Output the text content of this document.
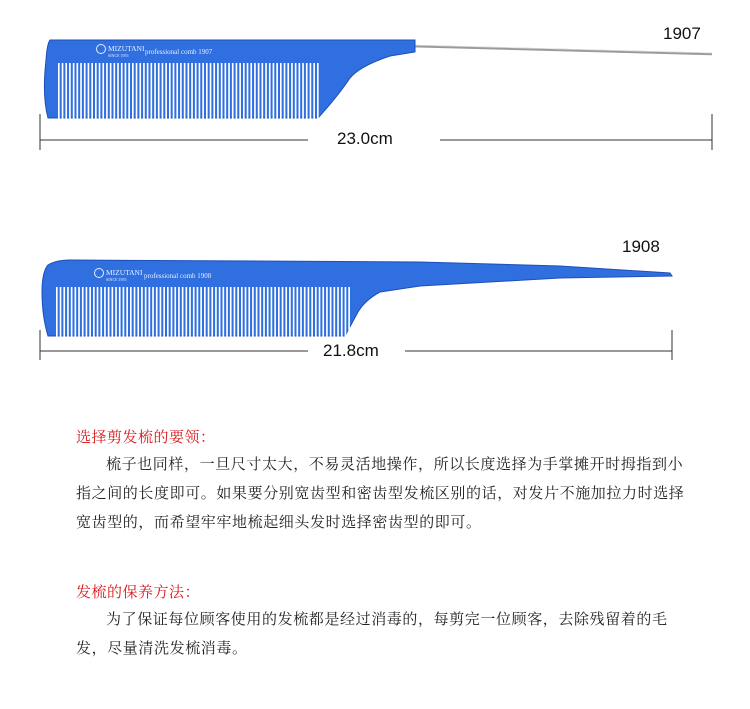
MIZUTANI
SINCE 1955 professional comb 1907
MIZUTANI
SINCE 1955 professional comb 1908
1907
23.0cm
1908
21.8cm
选择剪发梳的要领：

梳子也同样，一旦尺寸太大，不易灵活地操作，所以长度选择为手掌摊开时拇指到小指之间的长度即可。如果要分别宽齿型和密齿型发梳区别的话，对发片不施加拉力时选择宽齿型的，而希望牢牢地梳起细头发时选择密齿型的即可。

发梳的保养方法：

为了保证每位顾客使用的发梳都是经过消毒的，每剪完一位顾客，去除残留着的毛发，尽量清洗发梳消毒。
